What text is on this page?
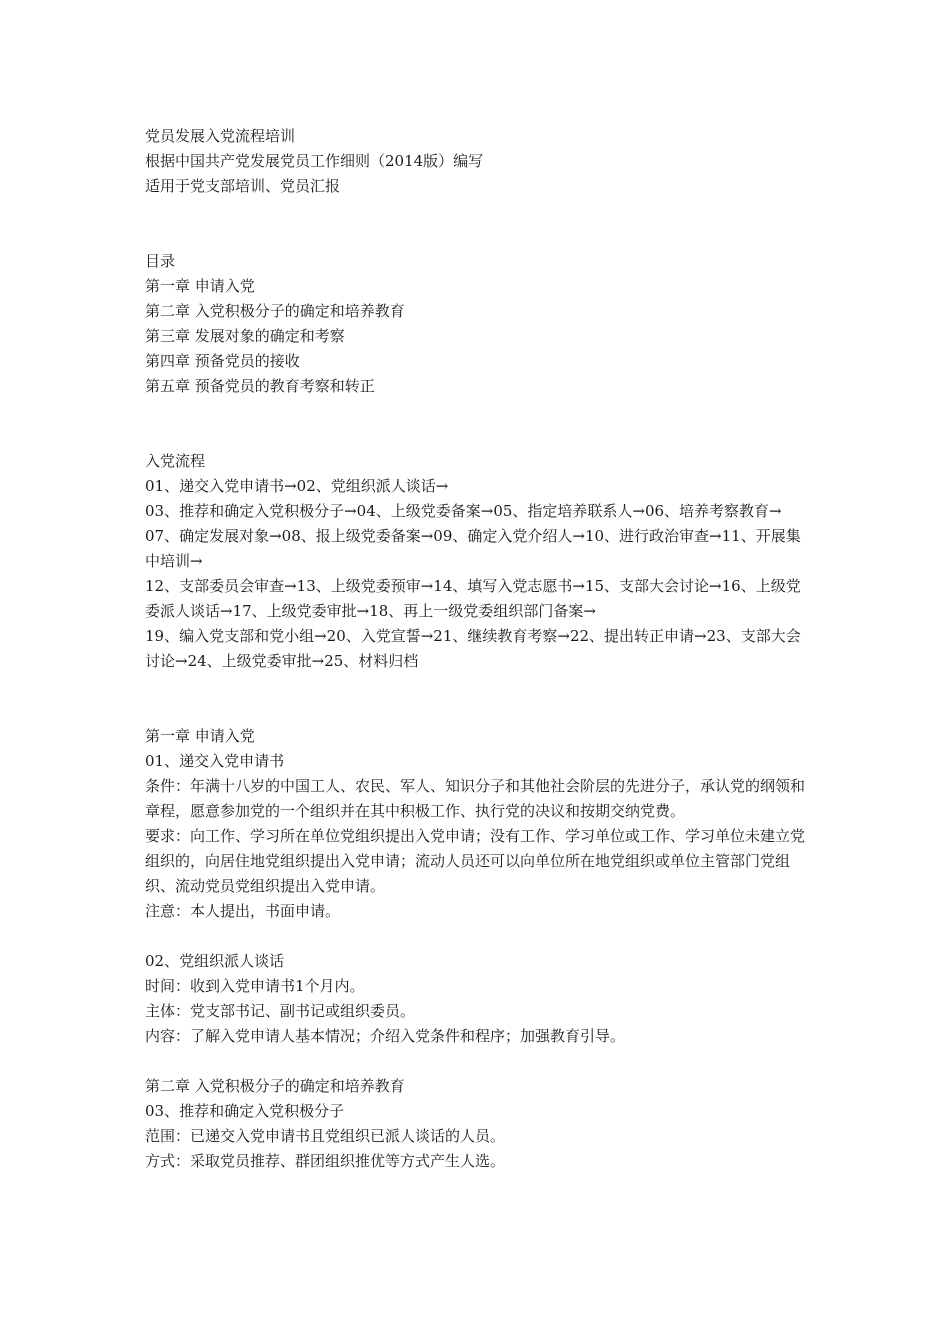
党员发展入党流程培训

根据中国共产党发展党员工作细则（2014版）编写

适用于党支部培训、党员汇报

目录

第一章 申请入党

第二章 入党积极分子的确定和培养教育

第三章 发展对象的确定和考察

第四章 预备党员的接收

第五章 预备党员的教育考察和转正

入党流程

01、递交入党申请书→02、党组织派人谈话→

03、推荐和确定入党积极分子→04、上级党委备案→05、指定培养联系人→06、培养考察教育→

07、确定发展对象→08、报上级党委备案→09、确定入党介绍人→10、进行政治审查→11、开展集中培训→

12、支部委员会审查→13、上级党委预审→14、填写入党志愿书→15、支部大会讨论→16、上级党委派人谈话→17、上级党委审批→18、再上一级党委组织部门备案→

19、编入党支部和党小组→20、入党宣誓→21、继续教育考察→22、提出转正申请→23、支部大会讨论→24、上级党委审批→25、材料归档

第一章 申请入党

01、递交入党申请书

条件：年满十八岁的中国工人、农民、军人、知识分子和其他社会阶层的先进分子，承认党的纲领和章程，愿意参加党的一个组织并在其中积极工作、执行党的决议和按期交纳党费。

要求：向工作、学习所在单位党组织提出入党申请；没有工作、学习单位或工作、学习单位未建立党组织的，向居住地党组织提出入党申请；流动人员还可以向单位所在地党组织或单位主管部门党组织、流动党员党组织提出入党申请。

注意：本人提出，书面申请。

02、党组织派人谈话

时间：收到入党申请书1个月内。

主体：党支部书记、副书记或组织委员。

内容：了解入党申请人基本情况；介绍入党条件和程序；加强教育引导。

第二章 入党积极分子的确定和培养教育

03、推荐和确定入党积极分子

范围：已递交入党申请书且党组织已派人谈话的人员。

方式：采取党员推荐、群团组织推优等方式产生人选。
